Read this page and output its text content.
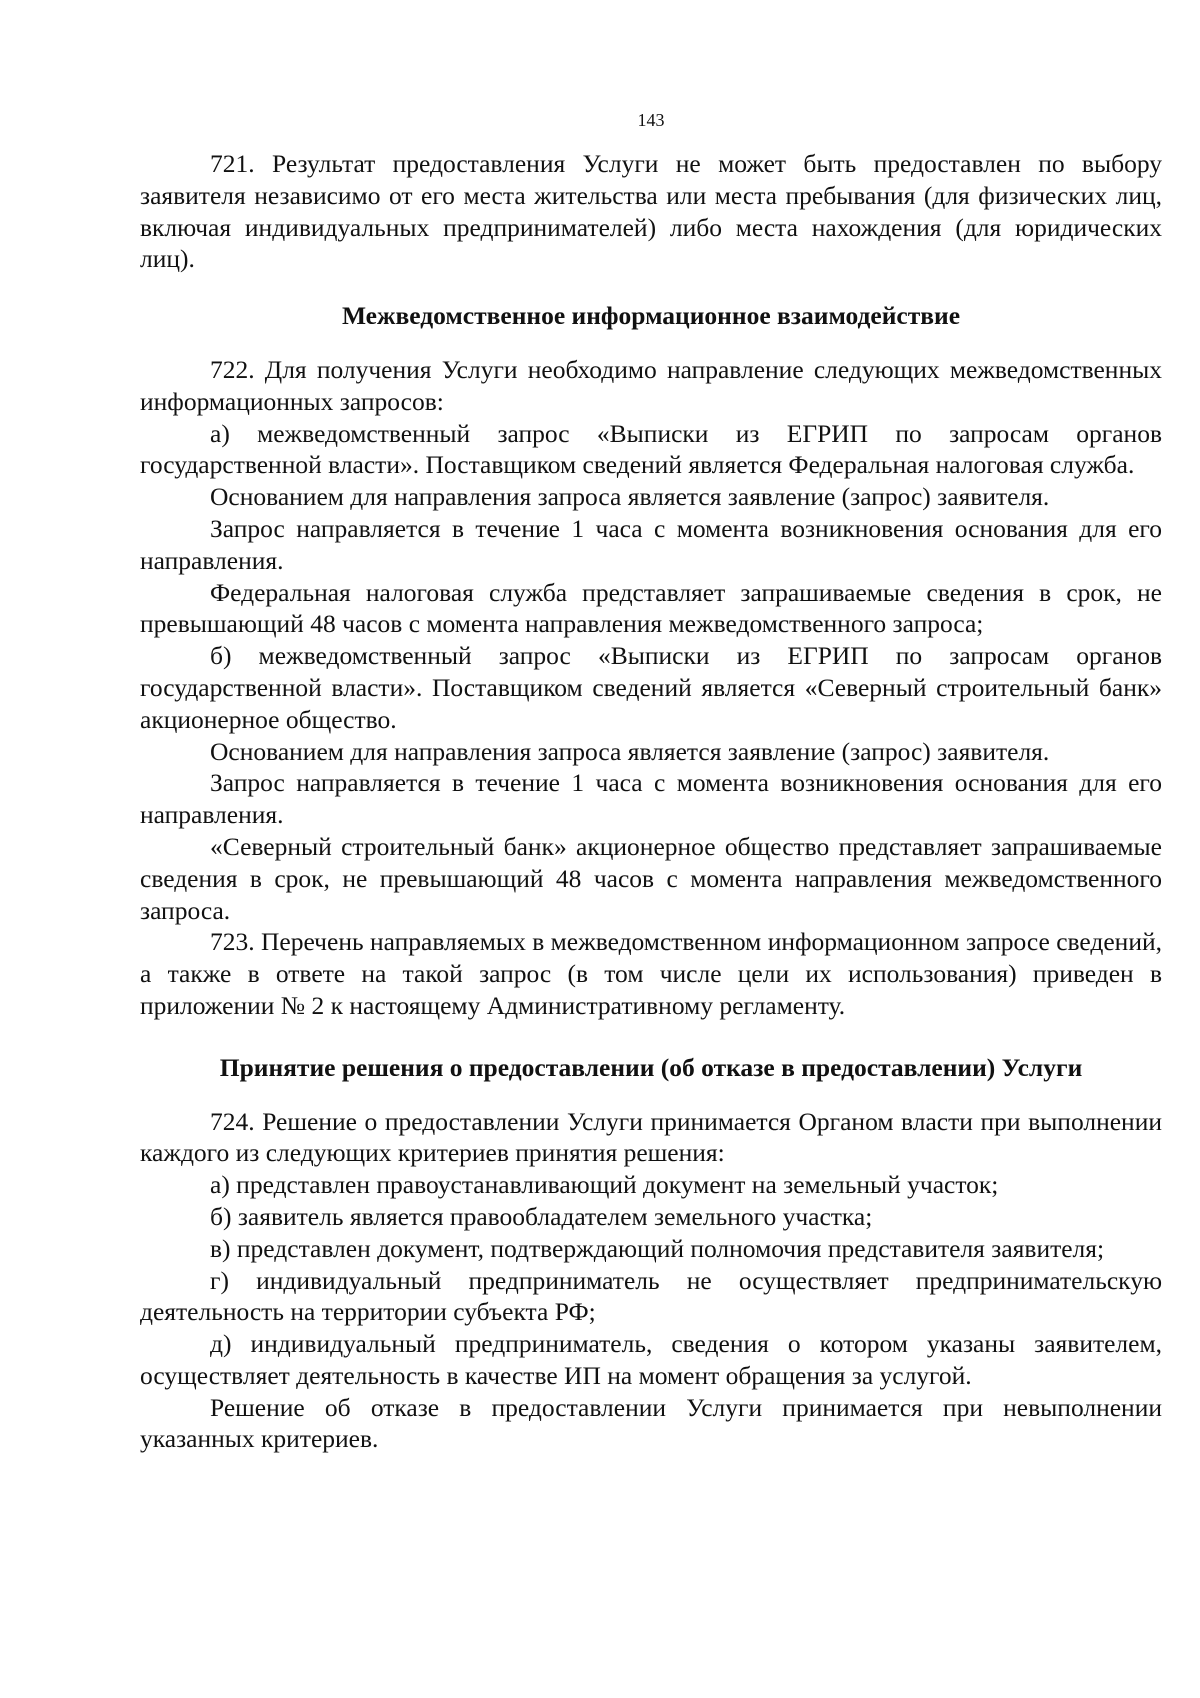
143

721. Результат предоставления Услуги не может быть предоставлен по выбору заявителя независимо от его места жительства или места пребывания (для физических лиц, включая индивидуальных предпринимателей) либо места нахождения (для юридических лиц).

Межведомственное информационное взаимодействие

722. Для получения Услуги необходимо направление следующих межведомственных информационных запросов:

а) межведомственный запрос «Выписки из ЕГРИП по запросам органов государственной власти». Поставщиком сведений является Федеральная налоговая служба.

Основанием для направления запроса является заявление (запрос) заявителя.

Запрос направляется в течение 1 часа с момента возникновения основания для его направления.

Федеральная налоговая служба представляет запрашиваемые сведения в срок, не превышающий 48 часов с момента направления межведомственного запроса;

б) межведомственный запрос «Выписки из ЕГРИП по запросам органов государственной власти». Поставщиком сведений является «Северный строительный банк» акционерное общество.

Основанием для направления запроса является заявление (запрос) заявителя.

Запрос направляется в течение 1 часа с момента возникновения основания для его направления.

«Северный строительный банк» акционерное общество представляет запрашиваемые сведения в срок, не превышающий 48 часов с момента направления межведомственного запроса.

723. Перечень направляемых в межведомственном информационном запросе сведений, а также в ответе на такой запрос (в том числе цели их использования) приведен в приложении № 2 к настоящему Административному регламенту.

Принятие решения о предоставлении (об отказе в предоставлении) Услуги

724. Решение о предоставлении Услуги принимается Органом власти при выполнении каждого из следующих критериев принятия решения:

а) представлен правоустанавливающий документ на земельный участок;

б) заявитель является правообладателем земельного участка;

в) представлен документ, подтверждающий полномочия представителя заявителя;

г) индивидуальный предприниматель не осуществляет предпринимательскую деятельность на территории субъекта РФ;

д) индивидуальный предприниматель, сведения о котором указаны заявителем, осуществляет деятельность в качестве ИП на момент обращения за услугой.

Решение об отказе в предоставлении Услуги принимается при невыполнении указанных критериев.
